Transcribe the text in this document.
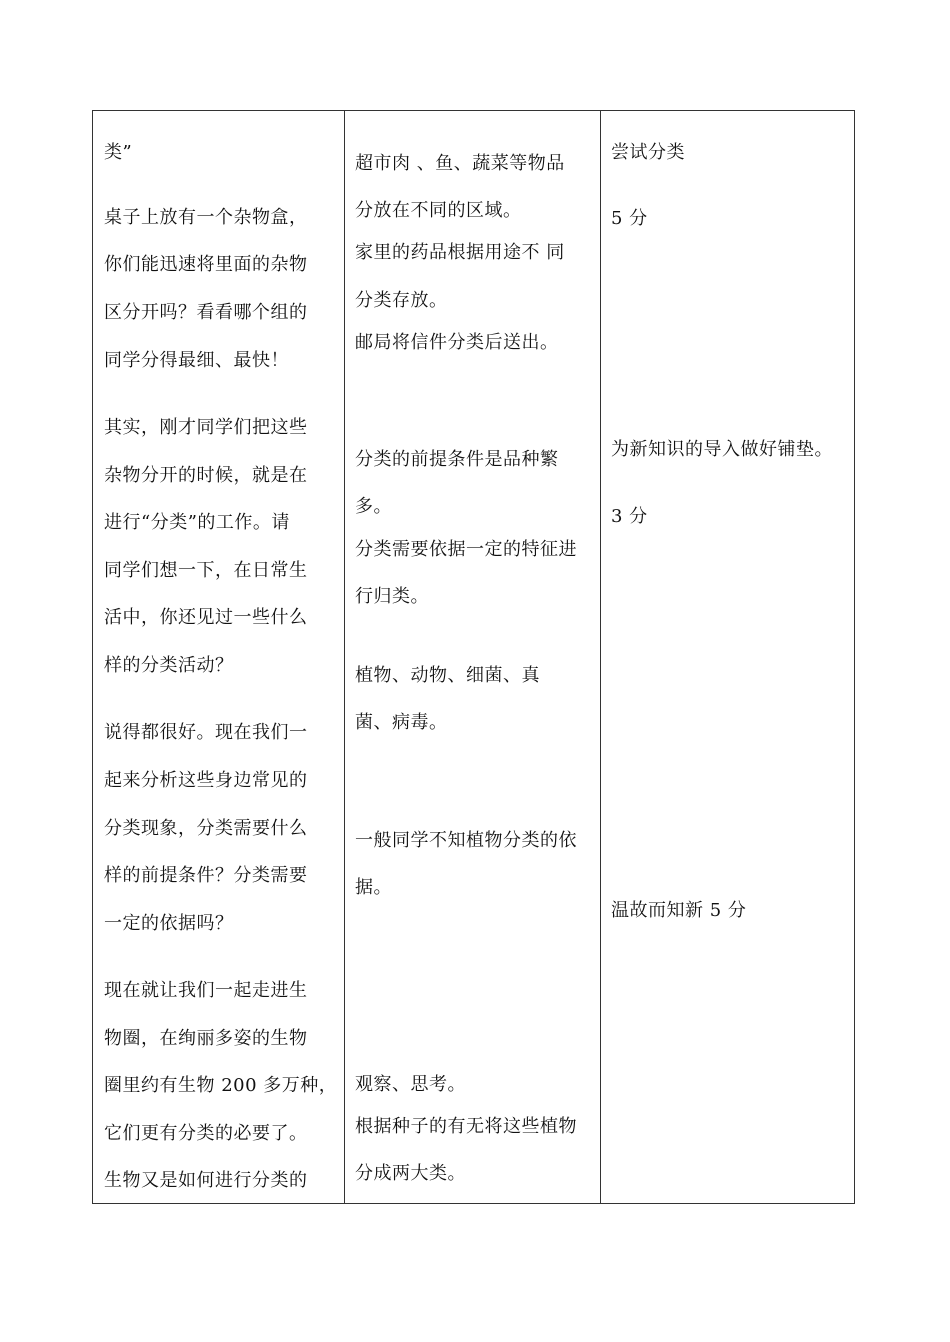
类”
桌子上放有一个杂物盒，
你们能迅速将里面的杂物
区分开吗？看看哪个组的
同学分得最细、最快！
其实，刚才同学们把这些
杂物分开的时候，就是在
进行“分类”的工作。请
同学们想一下，在日常生
活中，你还见过一些什么
样的分类活动？
说得都很好。现在我们一
起来分析这些身边常见的
分类现象，分类需要什么
样的前提条件？分类需要
一定的依据吗？
现在就让我们一起走进生
物圈，在绚丽多姿的生物
圈里约有生物 200 多万种，
它们更有分类的必要了。
生物又是如何进行分类的
超市肉 、鱼、蔬菜等物品
分放在不同的区域。
家里的药品根据用途不 同
分类存放。
邮局将信件分类后送出。
分类的前提条件是品种繁
多。
分类需要依据一定的特征进
行归类。
植物、动物、细菌、真
菌、病毒。
一般同学不知植物分类的依
据。
观察、思考。
根据种子的有无将这些植物
分成两大类。
尝试分类
5 分
为新知识的导入做好铺垫。
3 分
温故而知新 5 分
